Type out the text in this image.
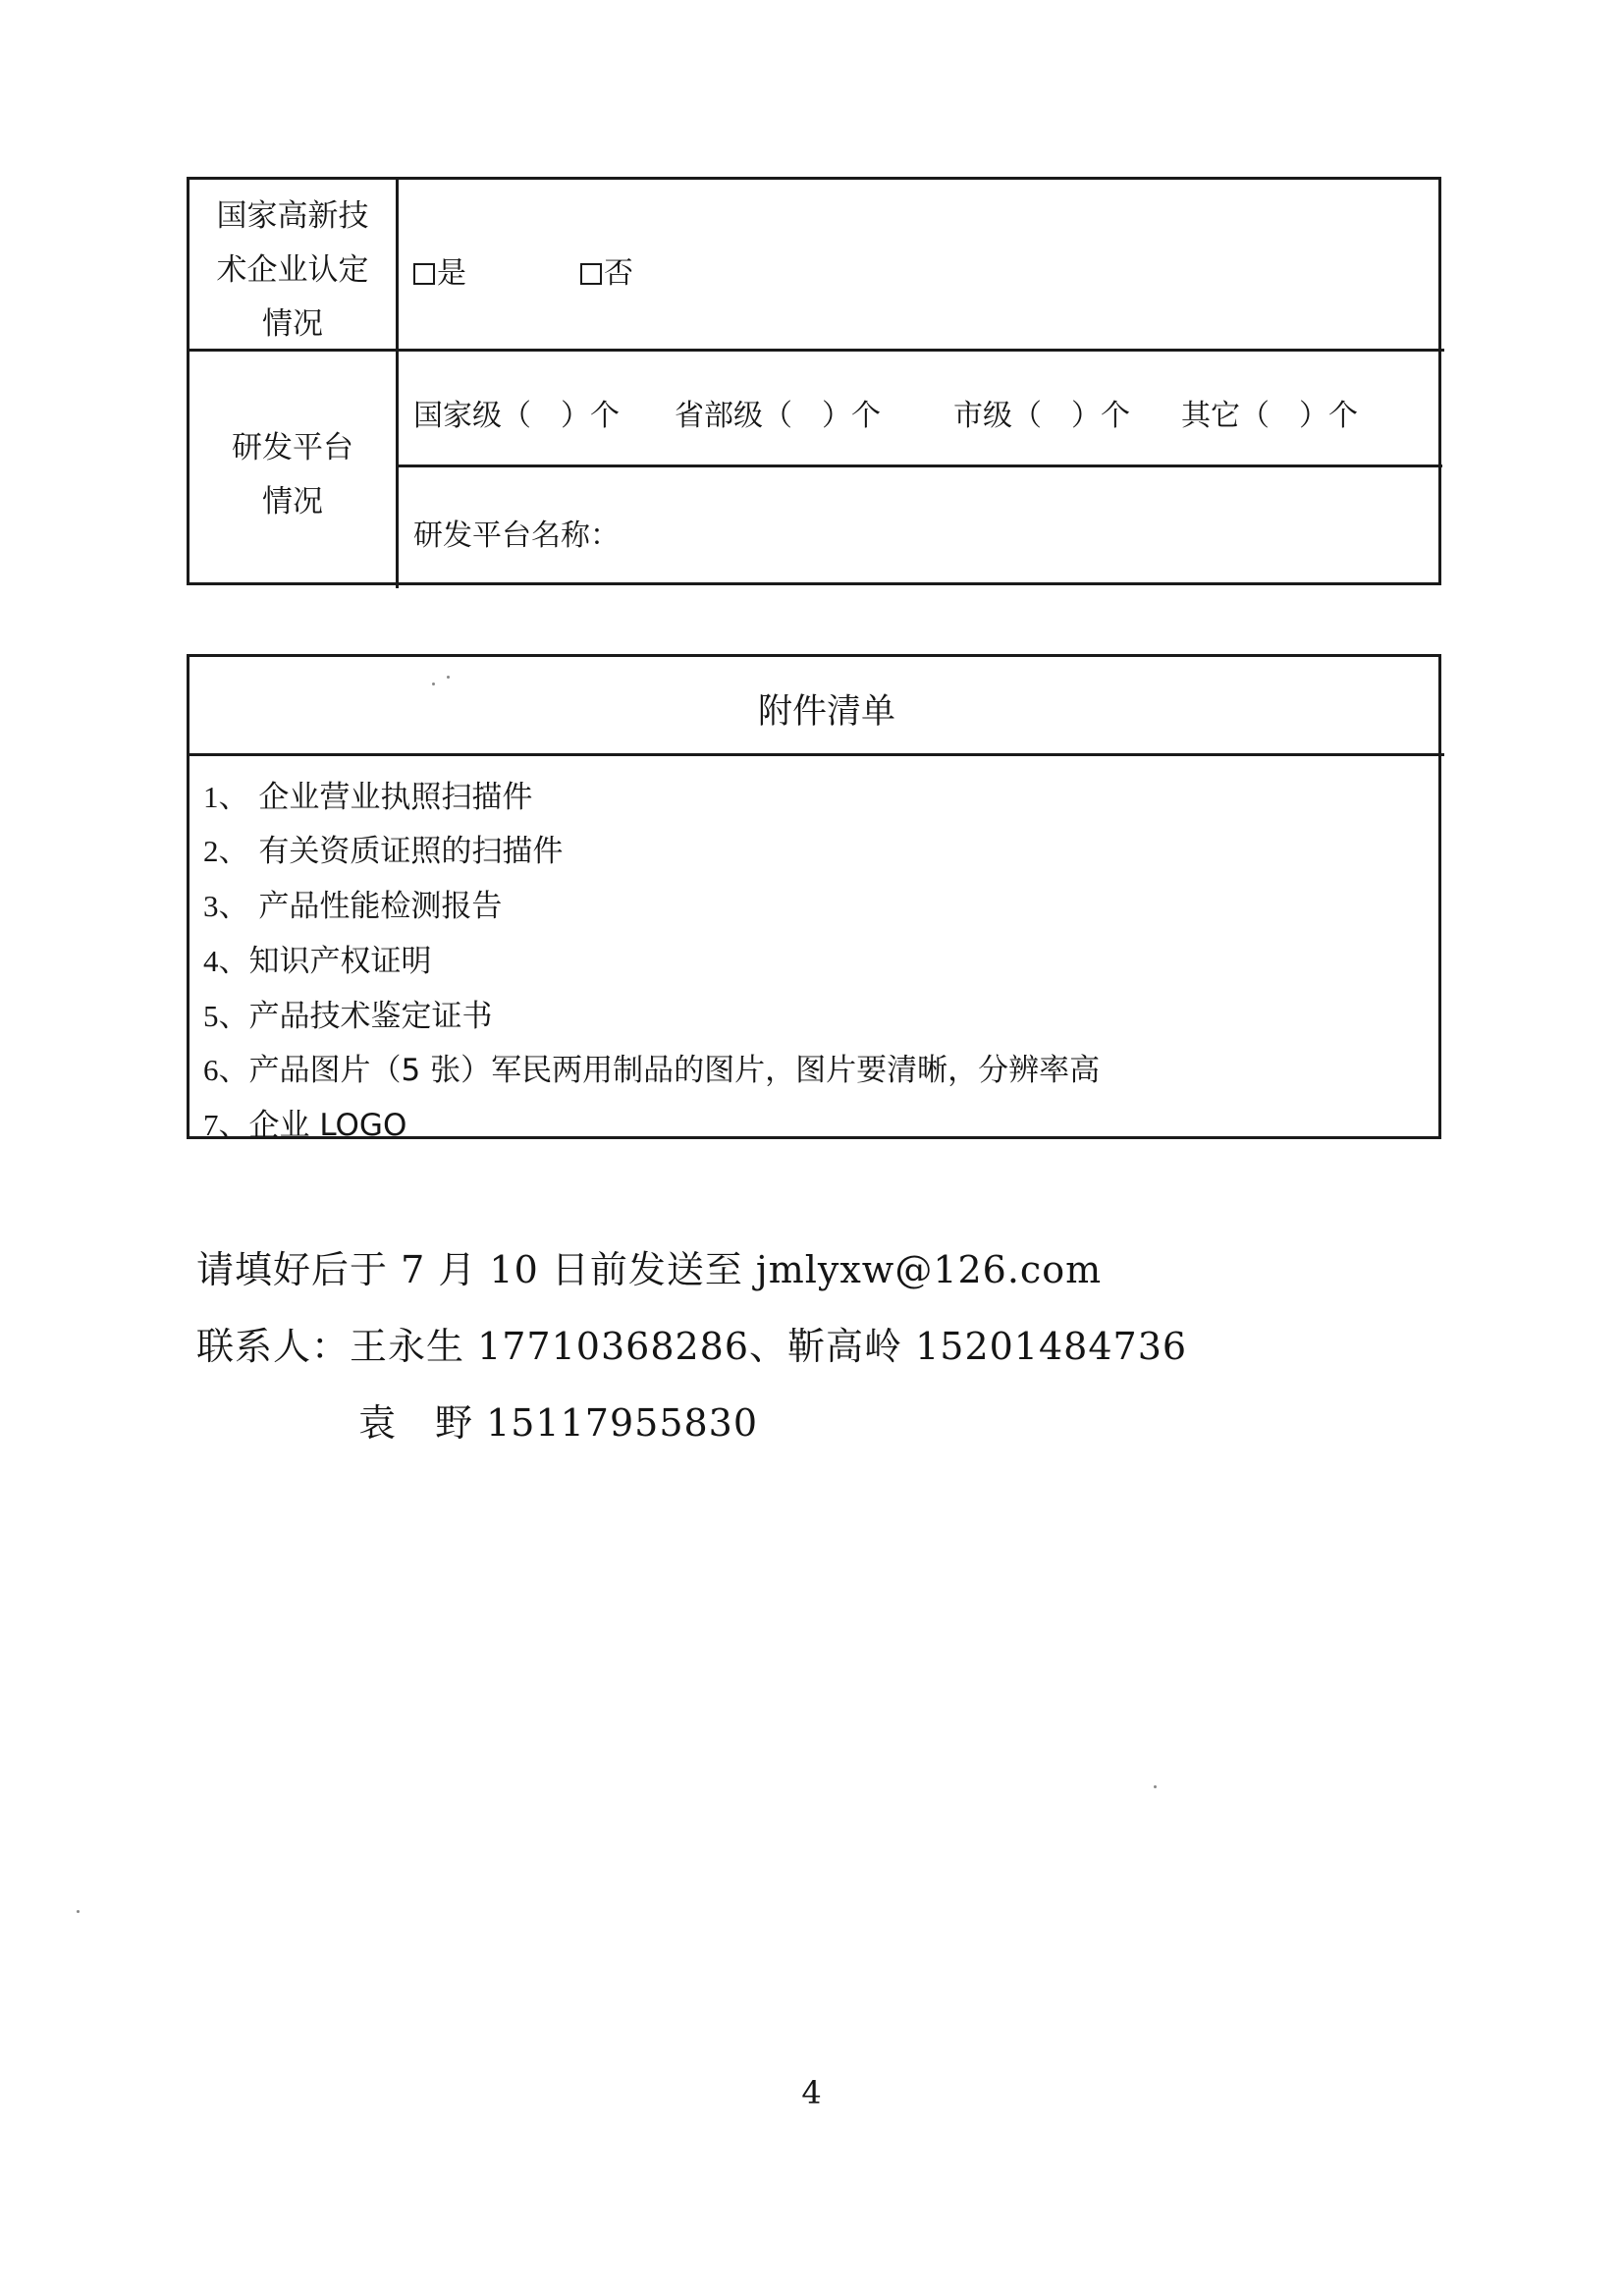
国家高新技
术企业认定
情况
是	否
研发平台
情况
国家级（　）个 省部级（　）个 市级（　）个 其它（　）个
研发平台名称：
附件清单
1、 企业营业执照扫描件
2、 有关资质证照的扫描件
3、 产品性能检测报告
4、知识产权证明
5、产品技术鉴定证书
6、产品图片（5 张）军民两用制品的图片，图片要清晰，分辨率高
7、企业 LOGO
请填好后于 7 月 10 日前发送至 jmlyxw@126.com
联系人：王永生 17710368286、靳高岭 15201484736
袁　野 15117955830
4
